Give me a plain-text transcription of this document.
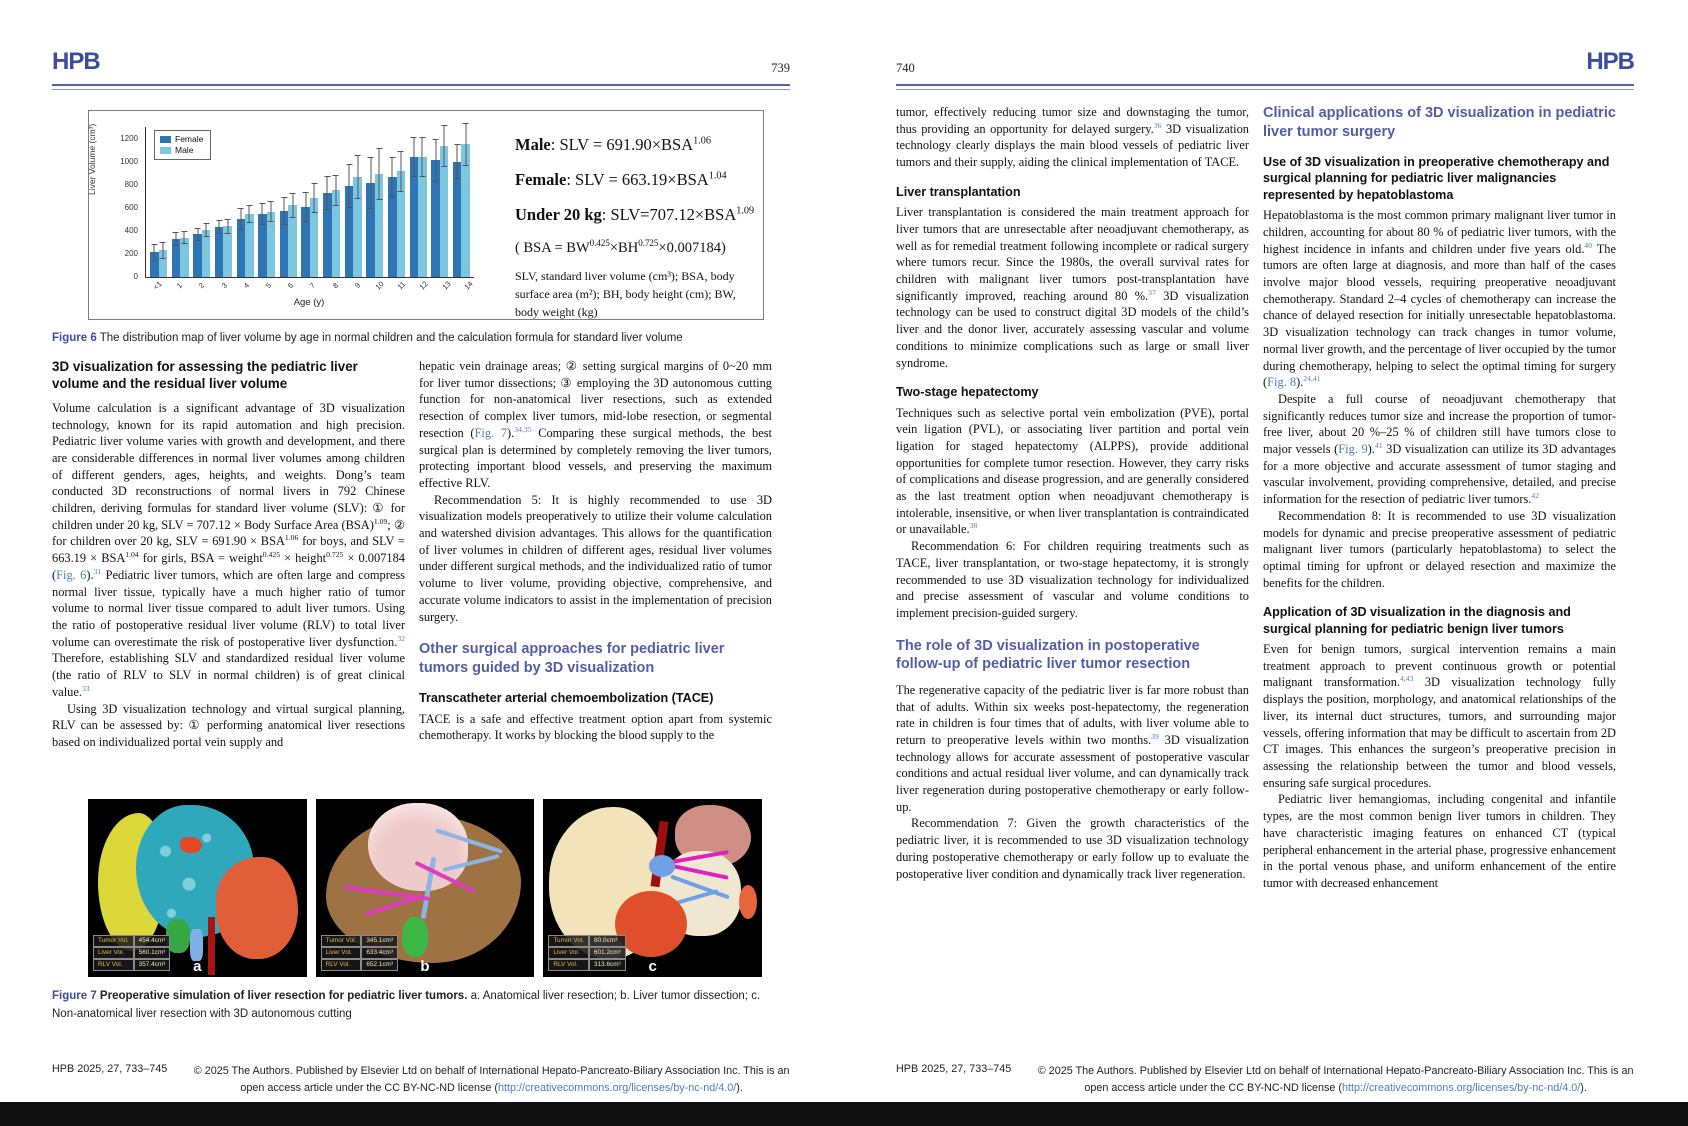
HPB	739
Liver Volume (cm³)
0
200
400
600
800
1000
1200	Female
Male
<1	1	2	3	4	5	6	7	8	9	10	11	12	13	14
Age (y)
Male: SLV = $691.90\times BSA^{1.06}$
Female: SLV = $663.19\times BSA^{1.04}$
Under 20 kg: $SLV=707.12\times BSA^{1.09}$
( BSA = $BW^{0.425}\times BH^{0.725}\times 0.007184$)
SLV, standard liver volume (cm³); BSA, body surface area (m²); BH, body height (cm); BW, body weight (kg)
Figure 6 The distribution map of liver volume by age in normal children and the calculation formula for standard liver volume
3D visualization for assessing the pediatric liver volume and the residual liver volume

Volume calculation is a significant advantage of 3D visualization technology, known for its rapid automation and high precision. Pediatric liver volume varies with growth and development, and there are considerable differences in normal liver volumes among children of different genders, ages, heights, and weights. Dong’s team conducted 3D reconstructions of normal livers in 792 Chinese children, deriving formulas for standard liver volume (SLV): ① for children under 20 kg, SLV = 707.12 × Body Surface Area (BSA)$^{1.09}$; ② for children over 20 kg, SLV = $691.90 \times BSA^{1.06}$ for boys, and SLV = $663.19 \times BSA^{1.04}$ for girls, BSA = weight$^{0.425}$ × height$^{0.725}$ × 0.007184 (Fig. 6).$^{31}$ Pediatric liver tumors, which are often large and compress normal liver tissue, typically have a much higher ratio of tumor volume to normal liver tissue compared to adult liver tumors. Using the ratio of postoperative residual liver volume (RLV) to total liver volume can overestimate the risk of postoperative liver dysfunction.$^{32}$ Therefore, establishing SLV and standardized residual liver volume (the ratio of RLV to SLV in normal children) is of great clinical value.$^{33}$

Using 3D visualization technology and virtual surgical planning, RLV can be assessed by: ① performing anatomical liver resections based on individualized portal vein supply and

hepatic vein drainage areas; ② setting surgical margins of 0~20 mm for liver tumor dissections; ③ employing the 3D autonomous cutting function for non-anatomical liver resections, such as extended resection of complex liver tumors, mid-lobe resection, or segmental resection (Fig. 7).$^{34,35}$ Comparing these surgical methods, the best surgical plan is determined by completely removing the liver tumors, protecting important blood vessels, and preserving the maximum effective RLV.

Recommendation 5: It is highly recommended to use 3D visualization models preoperatively to utilize their volume calculation and watershed division advantages. This allows for the quantification of liver volumes in children of different ages, residual liver volumes under different surgical methods, and the individualized ratio of tumor volume to liver volume, providing objective, comprehensive, and accurate volume indicators to assist in the implementation of precision surgery.

Other surgical approaches for pediatric liver tumors guided by 3D visualization
Transcatheter arterial chemoembolization (TACE)

TACE is a safe and effective treatment option apart from systemic chemotherapy. It works by blocking the blood supply to the

a
Tumor Vol.	454.4cm³
Liver Vol.	560.1cm³
RLV Vol.	357.4cm³	b
Tumor Vol.	345.1cm³
Liver Vol.	633.4cm³
RLV Vol.	652.1cm³	c
Tumor Vol.	80.0cm³
Liver Vol.	601.2cm³
RLV Vol.	313.6cm³
Figure 7 Preoperative simulation of liver resection for pediatric liver tumors. a. Anatomical liver resection; b. Liver tumor dissection; c. Non-anatomical liver resection with 3D autonomous cutting
HPB 2025, 27, 733–745 © 2025 The Authors. Published by Elsevier Ltd on behalf of International Hepato-Pancreato-Biliary Association Inc. This is an open access article under the CC BY-NC-ND license (http://creativecommons.org/licenses/by-nc-nd/4.0/).
740	HPB

tumor, effectively reducing tumor size and downstaging the tumor, thus providing an opportunity for delayed surgery.$^{36}$ 3D visualization technology clearly displays the main blood vessels of pediatric liver tumors and their supply, aiding the clinical implementation of TACE.

Liver transplantation

Liver transplantation is considered the main treatment approach for liver tumors that are unresectable after neoadjuvant chemotherapy, as well as for remedial treatment following incomplete or radical surgery where tumors recur. Since the 1980s, the overall survival rates for children with malignant liver tumors post-transplantation have significantly improved, reaching around 80 %.$^{37}$ 3D visualization technology can be used to construct digital 3D models of the child’s liver and the donor liver, accurately assessing vascular and volume conditions to minimize complications such as large or small liver syndrome.

Two-stage hepatectomy

Techniques such as selective portal vein embolization (PVE), portal vein ligation (PVL), or associating liver partition and portal vein ligation for staged hepatectomy (ALPPS), provide additional opportunities for complete tumor resection. However, they carry risks of complications and disease progression, and are generally considered as the last treatment option when neoadjuvant chemotherapy is intolerable, insensitive, or when liver transplantation is contraindicated or unavailable.$^{38}$

Recommendation 6: For children requiring treatments such as TACE, liver transplantation, or two-stage hepatectomy, it is strongly recommended to use 3D visualization technology for individualized and precise assessment of vascular and volume conditions to implement precision-guided surgery.

The role of 3D visualization in postoperative follow-up of pediatric liver tumor resection

The regenerative capacity of the pediatric liver is far more robust than that of adults. Within six weeks post-hepatectomy, the regeneration rate in children is four times that of adults, with liver volume able to return to preoperative levels within two months.$^{39}$ 3D visualization technology allows for accurate assessment of postoperative vascular conditions and actual residual liver volume, and can dynamically track liver regeneration during postoperative chemotherapy or early follow-up.

Recommendation 7: Given the growth characteristics of the pediatric liver, it is recommended to use 3D visualization technology during postoperative chemotherapy or early follow up to evaluate the postoperative liver condition and dynamically track liver regeneration.

Clinical applications of 3D visualization in pediatric liver tumor surgery
Use of 3D visualization in preoperative chemotherapy and surgical planning for pediatric liver malignancies represented by hepatoblastoma

Hepatoblastoma is the most common primary malignant liver tumor in children, accounting for about 80 % of pediatric liver tumors, with the highest incidence in infants and children under five years old.$^{40}$ The tumors are often large at diagnosis, and more than half of the cases involve major blood vessels, requiring preoperative neoadjuvant chemotherapy. Standard 2–4 cycles of chemotherapy can increase the chance of delayed resection for initially unresectable hepatoblastoma. 3D visualization technology can track changes in tumor volume, normal liver growth, and the percentage of liver occupied by the tumor during chemotherapy, helping to select the optimal timing for surgery (Fig. 8).$^{24,41}$

Despite a full course of neoadjuvant chemotherapy that significantly reduces tumor size and increase the proportion of tumor-free liver, about 20 %–25 % of children still have tumors close to major vessels (Fig. 9).$^{41}$ 3D visualization can utilize its 3D advantages for a more objective and accurate assessment of tumor staging and vascular involvement, providing comprehensive, detailed, and precise information for the resection of pediatric liver tumors.$^{42}$

Recommendation 8: It is recommended to use 3D visualization models for dynamic and precise preoperative assessment of pediatric malignant liver tumors (particularly hepatoblastoma) to select the optimal timing for upfront or delayed resection and maximize the benefits for the children.

Application of 3D visualization in the diagnosis and surgical planning for pediatric benign liver tumors

Even for benign tumors, surgical intervention remains a main treatment approach to prevent continuous growth or potential malignant transformation.$^{4,43}$ 3D visualization technology fully displays the position, morphology, and anatomical relationships of the liver, its internal duct structures, tumors, and surrounding major vessels, offering information that may be difficult to ascertain from 2D CT images. This enhances the surgeon’s preoperative precision in assessing the relationship between the tumor and blood vessels, ensuring safe surgical procedures.

Pediatric liver hemangiomas, including congenital and infantile types, are the most common benign liver tumors in children. They have characteristic imaging features on enhanced CT (typical peripheral enhancement in the arterial phase, progressive enhancement in the portal venous phase, and uniform enhancement of the entire tumor with decreased enhancement

HPB 2025, 27, 733–745 © 2025 The Authors. Published by Elsevier Ltd on behalf of International Hepato-Pancreato-Biliary Association Inc. This is an open access article under the CC BY-NC-ND license (http://creativecommons.org/licenses/by-nc-nd/4.0/).
